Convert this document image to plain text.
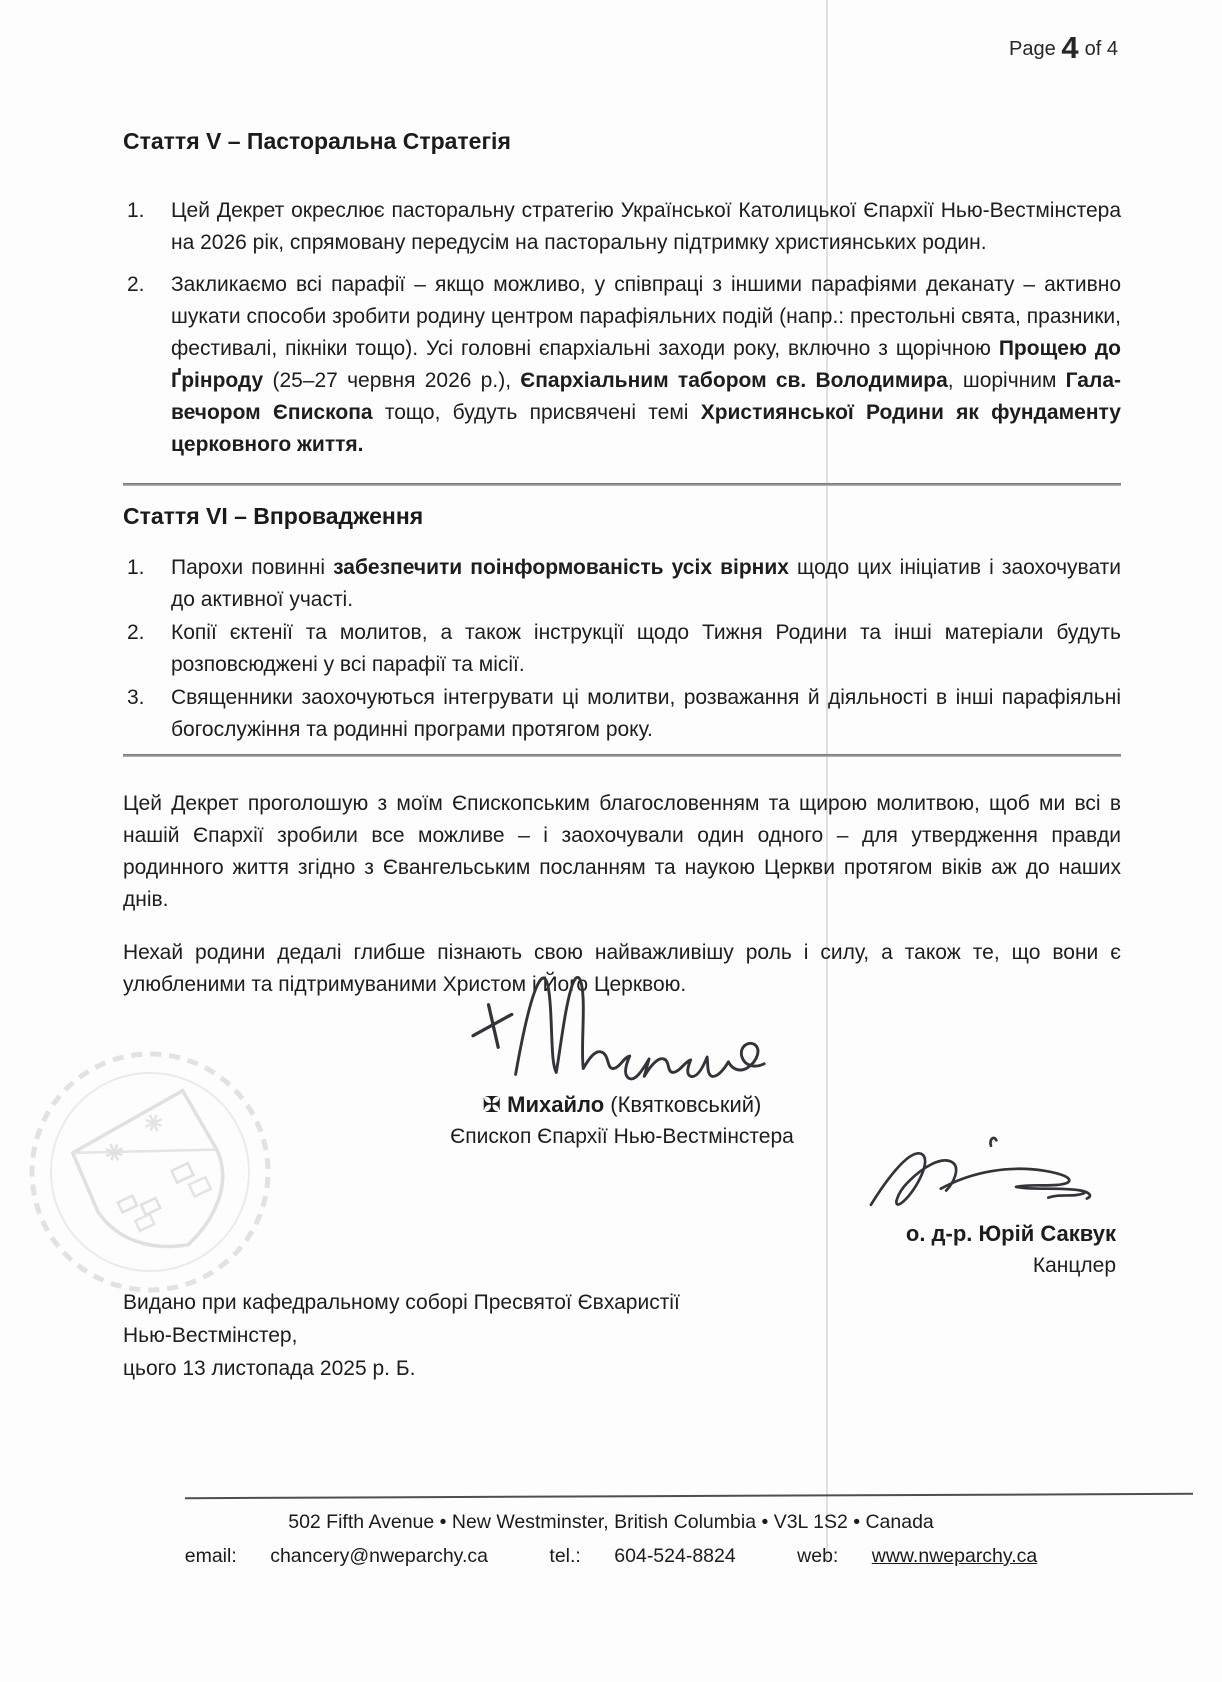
Page 4 of 4
Стаття V – Пасторальна Стратегія
1.	Цей Декрет окреслює пасторальну стратегію Української Католицької Єпархії Нью-Вестмінстера на 2026 рік, спрямовану передусім на пасторальну підтримку християнських родин.
2.	Закликаємо всі парафії – якщо можливо, у співпраці з іншими парафіями деканату – активно шукати способи зробити родину центром парафіяльних подій (напр.: престольні свята, празники, фестивалі, пікніки тощо). Усі головні єпархіальні заходи року, включно з щорічною Прощею до Ґрінроду (25–27 червня 2026 р.), Єпархіальним табором св. Володимира, шорічним Гала-вечором Єпископа тощо, будуть присвячені темі Християнської Родини як фундаменту церковного життя.
Стаття VI – Впровадження
1.	Парохи повинні забезпечити поінформованість усіх вірних щодо цих ініціатив і заохочувати до активної участі.
2.	Копії єктенії та молитов, а також інструкції щодо Тижня Родини та інші матеріали будуть розповсюджені у всі парафії та місії.
3.	Священники заохочуються інтегрувати ці молитви, розважання й діяльності в інші парафіяльні богослужіння та родинні програми протягом року.

Цей Декрет проголошую з моїм Єпископським благословенням та щирою молитвою, щоб ми всі в нашій Єпархії зробили все можливе – і заохочували один одного – для утвердження правди родинного життя згідно з Євангельським посланням та наукою Церкви протягом віків аж до наших днів.

Нехай родини дедалі глибше пізнають свою найважливішу роль і силу, а також те, що вони є улюбленими та підтримуваними Христом і Його Церквою.

✠ Михайло (Квятковський)
Єпископ Єпархії Нью-Вестмінстера
о. д-р. Юрій Саквук
Канцлер
Видано при кафедральному соборі Пресвятої Євхаристії
Нью-Вестмінстер,
цього 13 листопада 2025 р. Б.
502 Fifth Avenue • New Westminster, British Columbia • V3L 1S2 • Canada
email: chancery@nweparchy.ca	tel.: 604-524-8824	web: www.nweparchy.ca
